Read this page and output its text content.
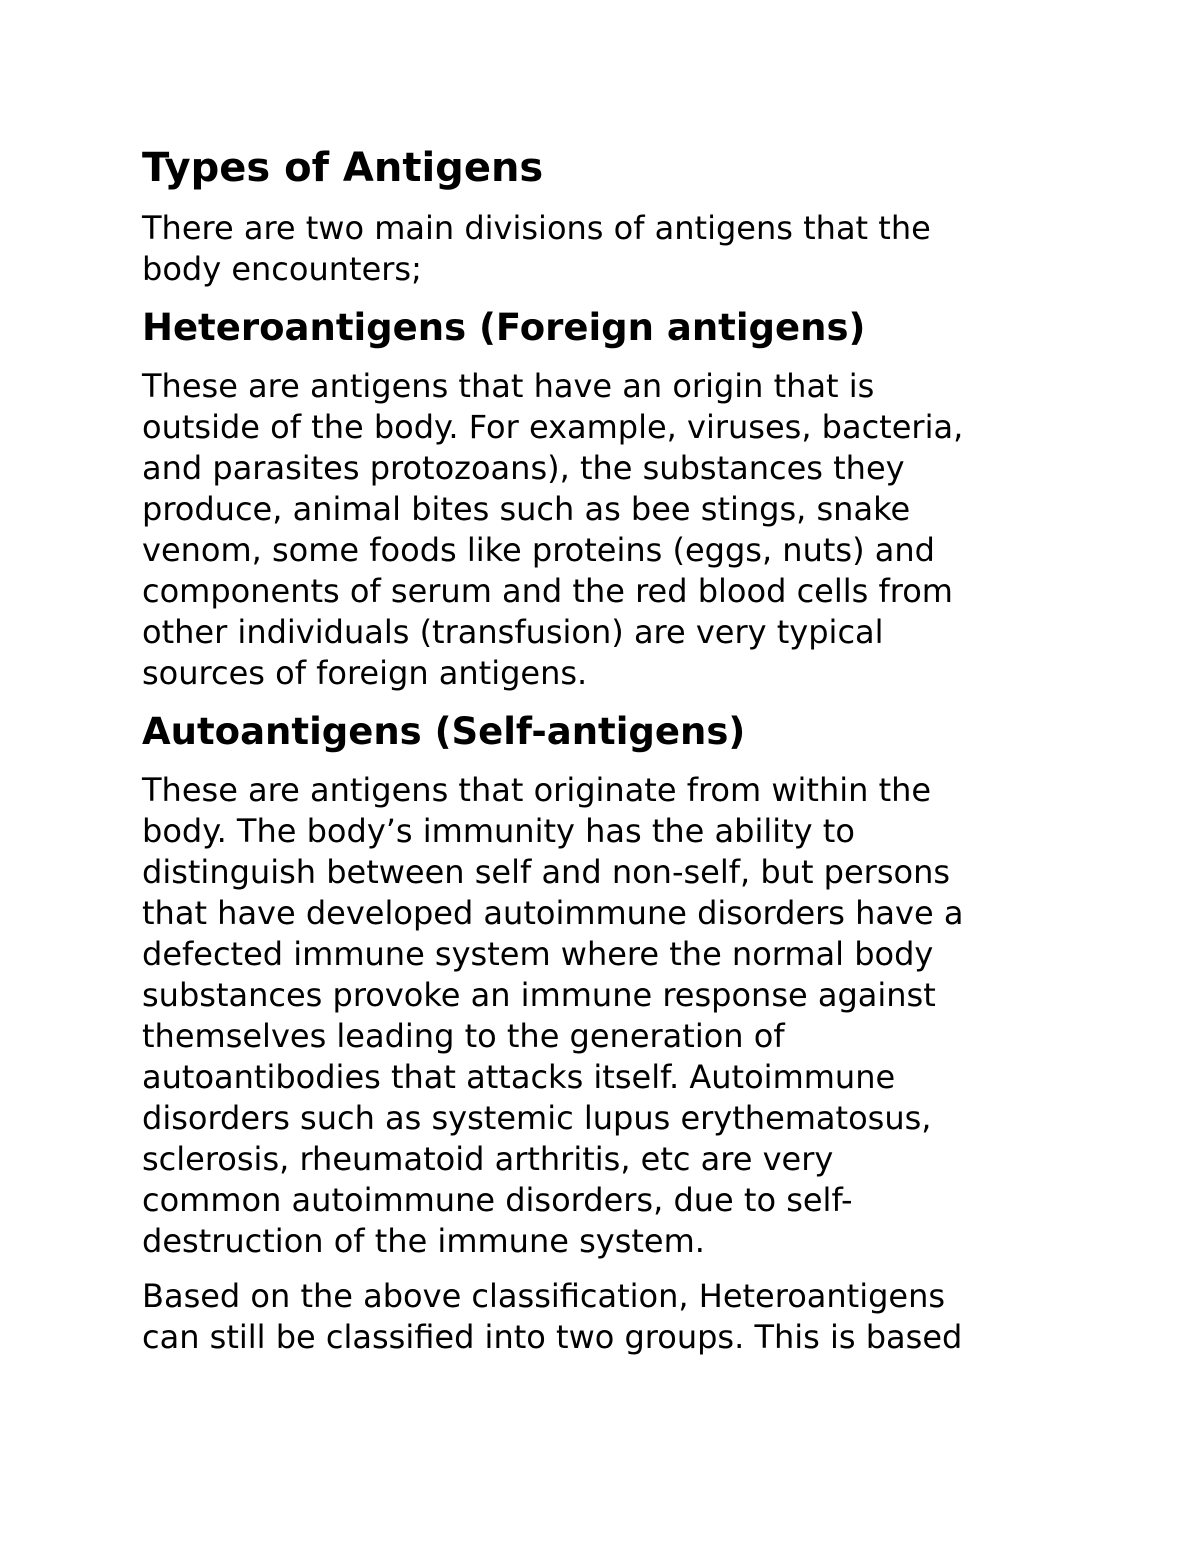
Types of Antigens

There are two main divisions of antigens that the
body encounters;

Heteroantigens (Foreign antigens)

These are antigens that have an origin that is
outside of the body. For example, viruses, bacteria,
and parasites protozoans), the substances they
produce, animal bites such as bee stings, snake
venom, some foods like proteins (eggs, nuts) and
components of serum and the red blood cells from
other individuals (transfusion) are very typical
sources of foreign antigens.

Autoantigens (Self-antigens)

These are antigens that originate from within the
body. The body’s immunity has the ability to
distinguish between self and non-self, but persons
that have developed autoimmune disorders have a
defected immune system where the normal body
substances provoke an immune response against
themselves leading to the generation of
autoantibodies that attacks itself. Autoimmune
disorders such as systemic lupus erythematosus,
sclerosis, rheumatoid arthritis, etc are very
common autoimmune disorders, due to self-
destruction of the immune system.

Based on the above classification, Heteroantigens
can still be classified into two groups. This is based
